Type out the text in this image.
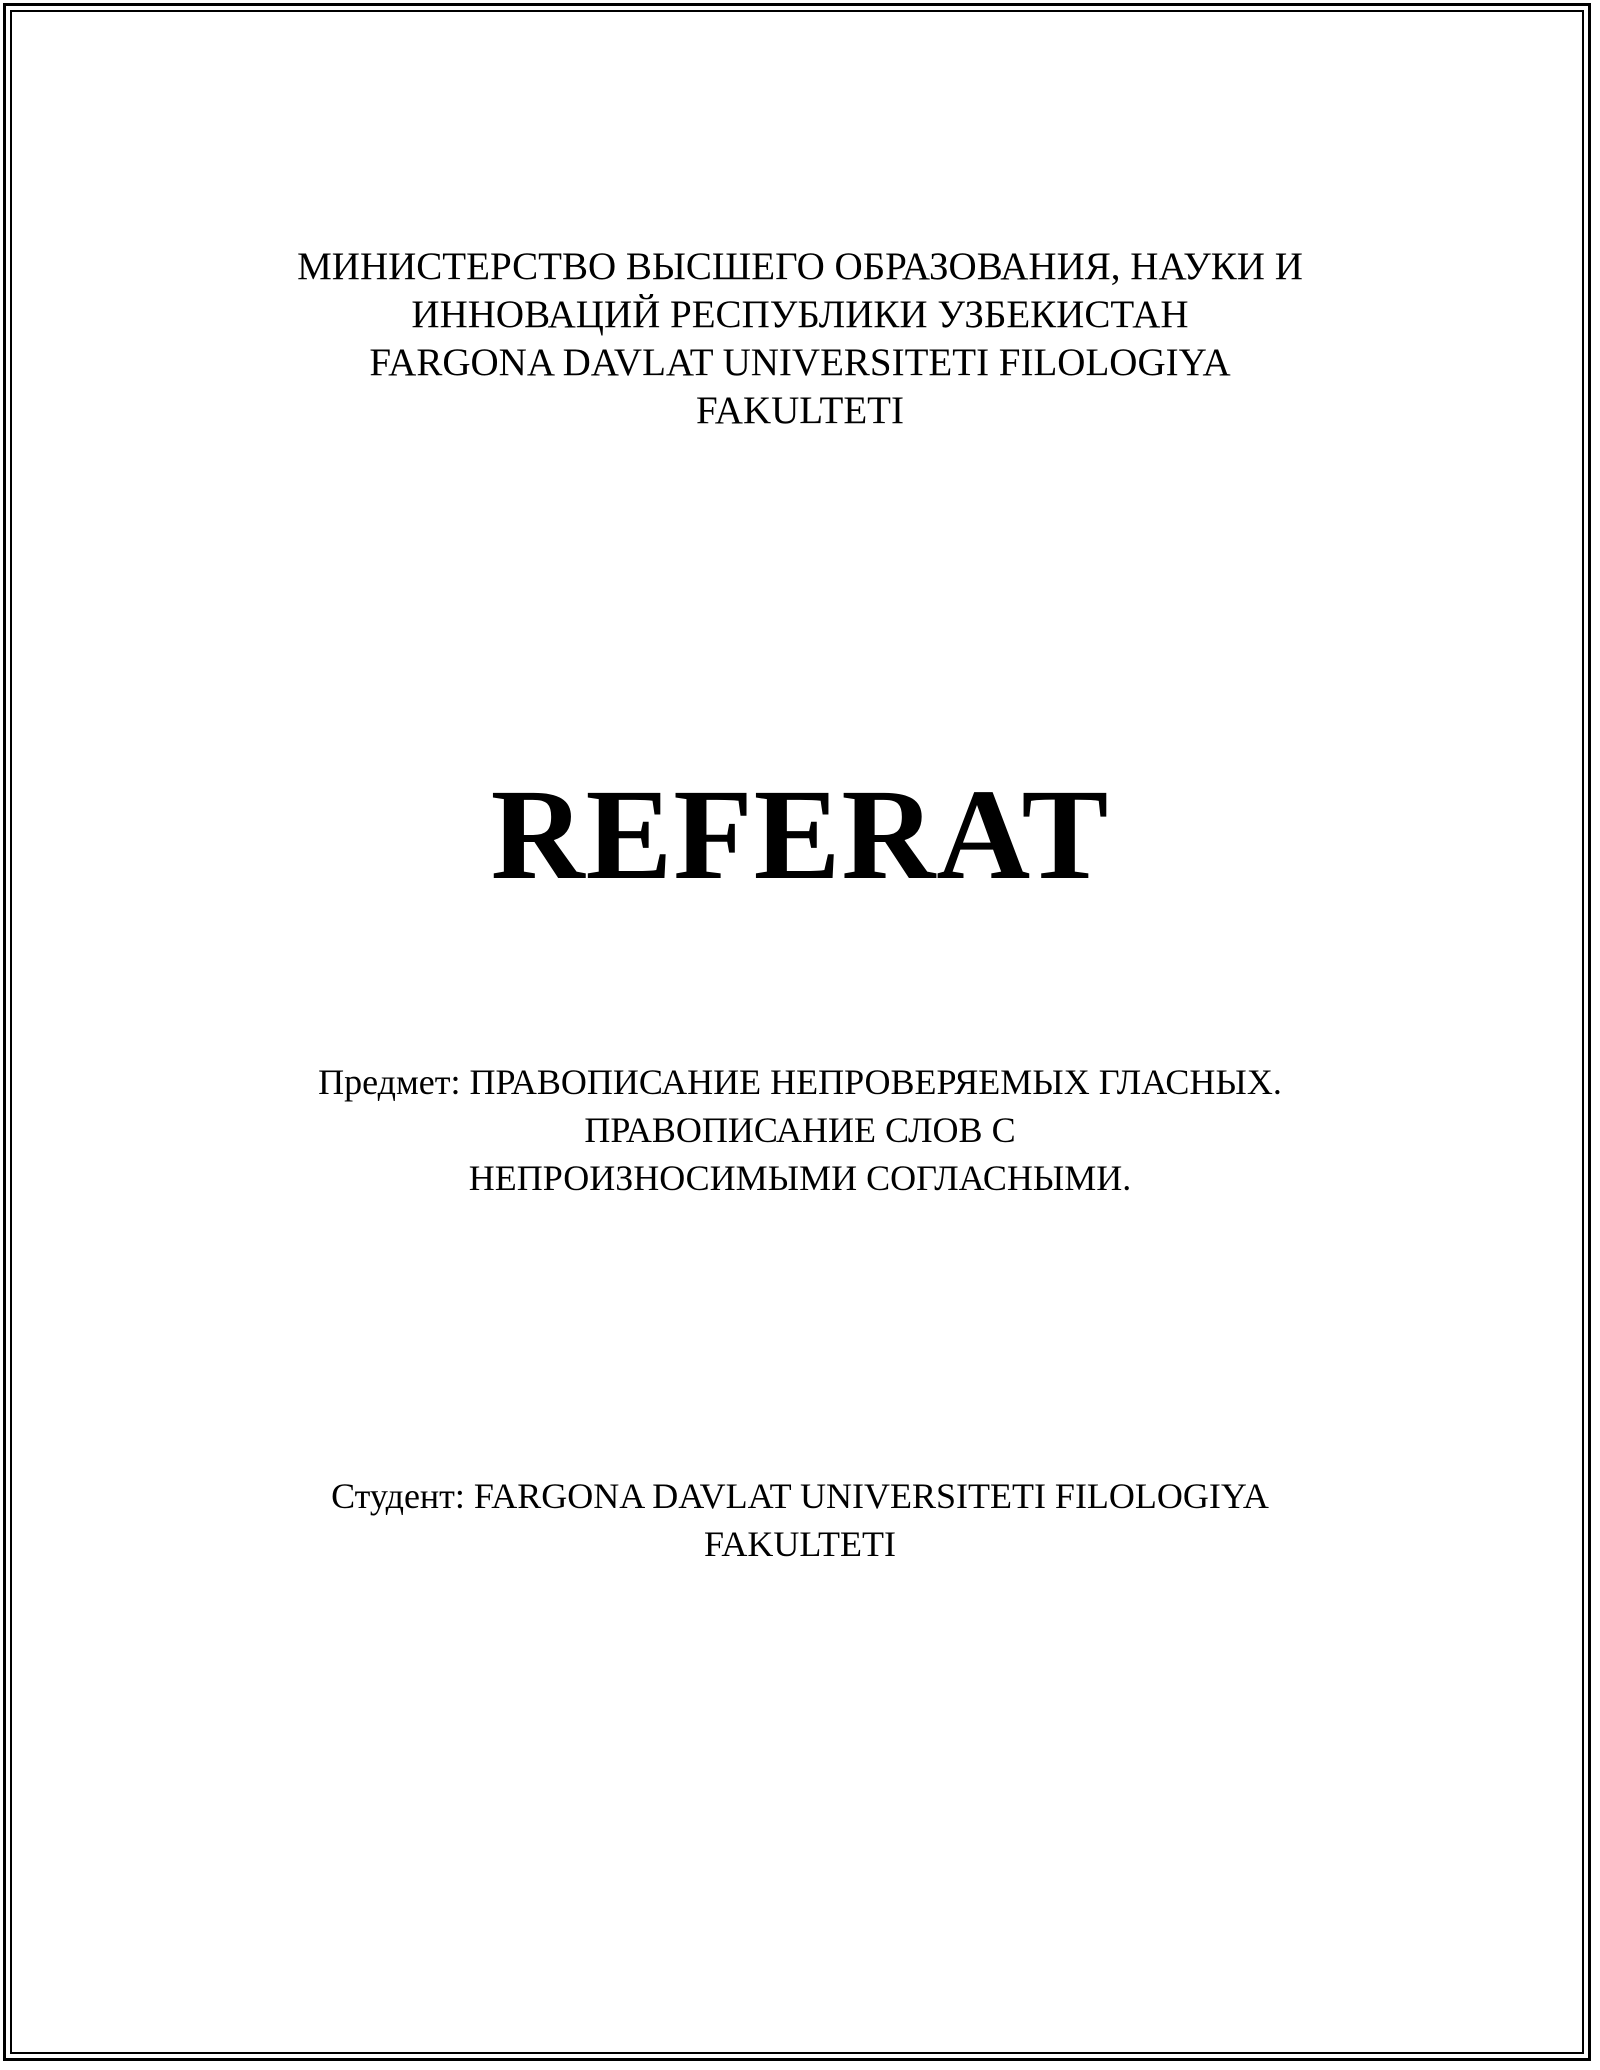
МИНИСТЕРСТВО ВЫСШЕГО ОБРАЗОВАНИЯ, НАУКИ И
ИННОВАЦИЙ РЕСПУБЛИКИ УЗБЕКИСТАН
FARGONA DAVLAT UNIVERSITETI FILOLOGIYA
FAKULTETI
REFERAT
Предмет: ПРАВОПИСАНИЕ НЕПРОВЕРЯЕМЫХ ГЛАСНЫХ.
ПРАВОПИСАНИЕ СЛОВ С
НЕПРОИЗНОСИМЫМИ СОГЛАСНЫМИ.
Студент: FARGONA DAVLAT UNIVERSITETI FILOLOGIYA
FAKULTETI
